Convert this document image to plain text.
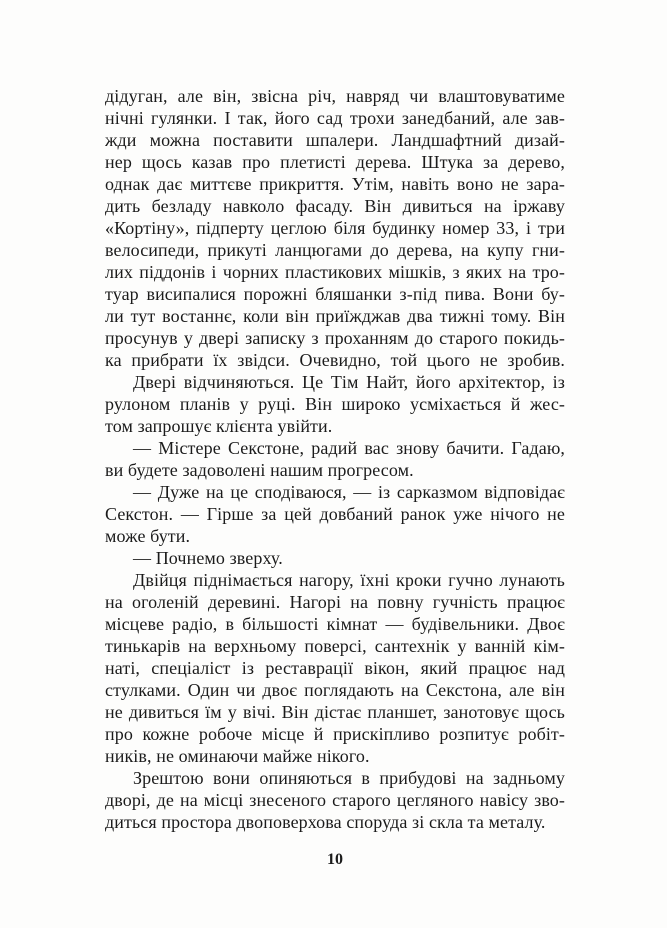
дідуган, але він, звісна річ, навряд чи влаштовуватиме
нічні гулянки. І так, його сад трохи занедбаний, але зав-
жди можна поставити шпалери. Ландшафтний дизай-
нер щось казав про плетисті дерева. Штука за дерево,
однак дає миттєве прикриття. Утім, навіть воно не зара-
дить безладу навколо фасаду. Він дивиться на іржаву
«Кортіну», підперту цеглою біля будинку номер 33, і три
велосипеди, прикуті ланцюгами до дерева, на купу гни-
лих піддонів і чорних пластикових мішків, з яких на тро-
туар висипалися порожні бляшанки з-під пива. Вони бу-
ли тут востаннє, коли він приїжджав два тижні тому. Він
просунув у двері записку з проханням до старого покидь-
ка прибрати їх звідси. Очевидно, той цього не зробив.
Двері відчиняються. Це Тім Найт, його архітектор, із
рулоном планів у руці. Він широко усміхається й жес-
том запрошує клієнта увійти.
— Містере Секстоне, радий вас знову бачити. Гадаю,
ви будете задоволені нашим прогресом.
— Дуже на це сподіваюся, — із сарказмом відповідає
Секстон. — Гірше за цей довбаний ранок уже нічого не
може бути.
— Почнемо зверху.
Двійця піднімається нагору, їхні кроки гучно лунають
на оголеній деревині. Нагорі на повну гучність працює
місцеве радіо, в більшості кімнат — будівельники. Двоє
тинькарів на верхньому поверсі, сантехнік у ванній кім-
наті, спеціаліст із реставрації вікон, який працює над
стулками. Один чи двоє поглядають на Секстона, але він
не дивиться їм у вічі. Він дістає планшет, занотовує щось
про кожне робоче місце й прискіпливо розпитує робіт-
ників, не оминаючи майже нікого.
Зрештою вони опиняються в прибудові на задньому
дворі, де на місці знесеного старого цегляного навісу зво-
диться простора двоповерхова споруда зі скла та металу.
10
